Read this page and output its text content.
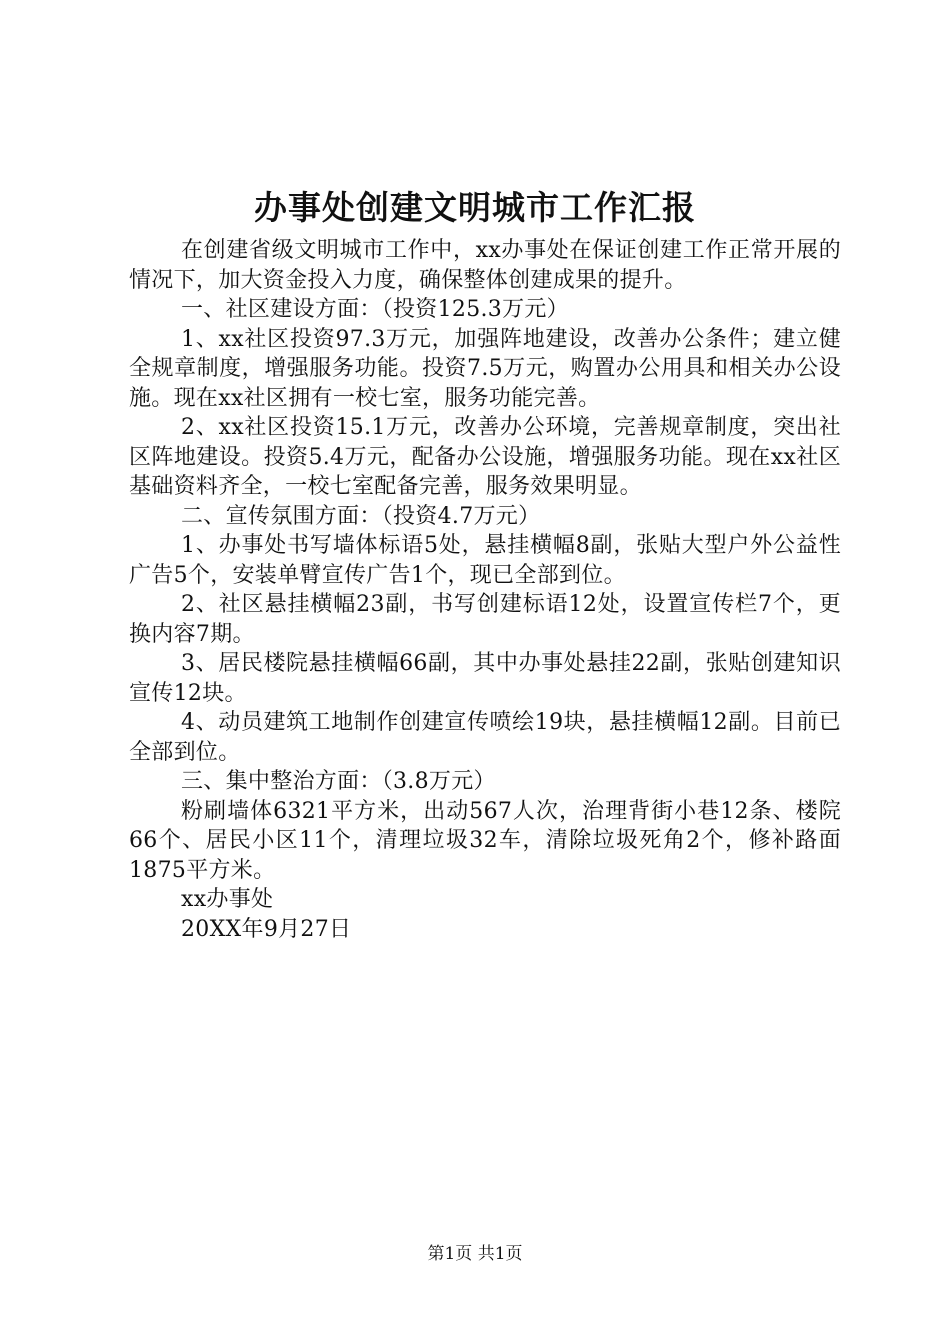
办事处创建文明城市工作汇报

在创建省级文明城市工作中，xx办事处在保证创建工作正常开展的情况下，加大资金投入力度，确保整体创建成果的提升。

一、社区建设方面：（投资125.3万元）

1、xx社区投资97.3万元，加强阵地建设，改善办公条件；建立健全规章制度，增强服务功能。投资7.5万元，购置办公用具和相关办公设施。现在xx社区拥有一校七室，服务功能完善。

2、xx社区投资15.1万元，改善办公环境，完善规章制度，突出社区阵地建设。投资5.4万元，配备办公设施，增强服务功能。现在xx社区基础资料齐全，一校七室配备完善，服务效果明显。

二、宣传氛围方面：（投资4.7万元）

1、办事处书写墙体标语5处，悬挂横幅8副，张贴大型户外公益性广告5个，安装单臂宣传广告1个，现已全部到位。

2、社区悬挂横幅23副，书写创建标语12处，设置宣传栏7个，更换内容7期。

3、居民楼院悬挂横幅66副，其中办事处悬挂22副，张贴创建知识宣传12块。

4、动员建筑工地制作创建宣传喷绘19块，悬挂横幅12副。目前已全部到位。

三、集中整治方面：（3.8万元）

粉刷墙体6321平方米，出动567人次，治理背街小巷12条、楼院66个、居民小区11个，清理垃圾32车，清除垃圾死角2个，修补路面1875平方米。

xx办事处

20XX年9月27日

第1页 共1页
